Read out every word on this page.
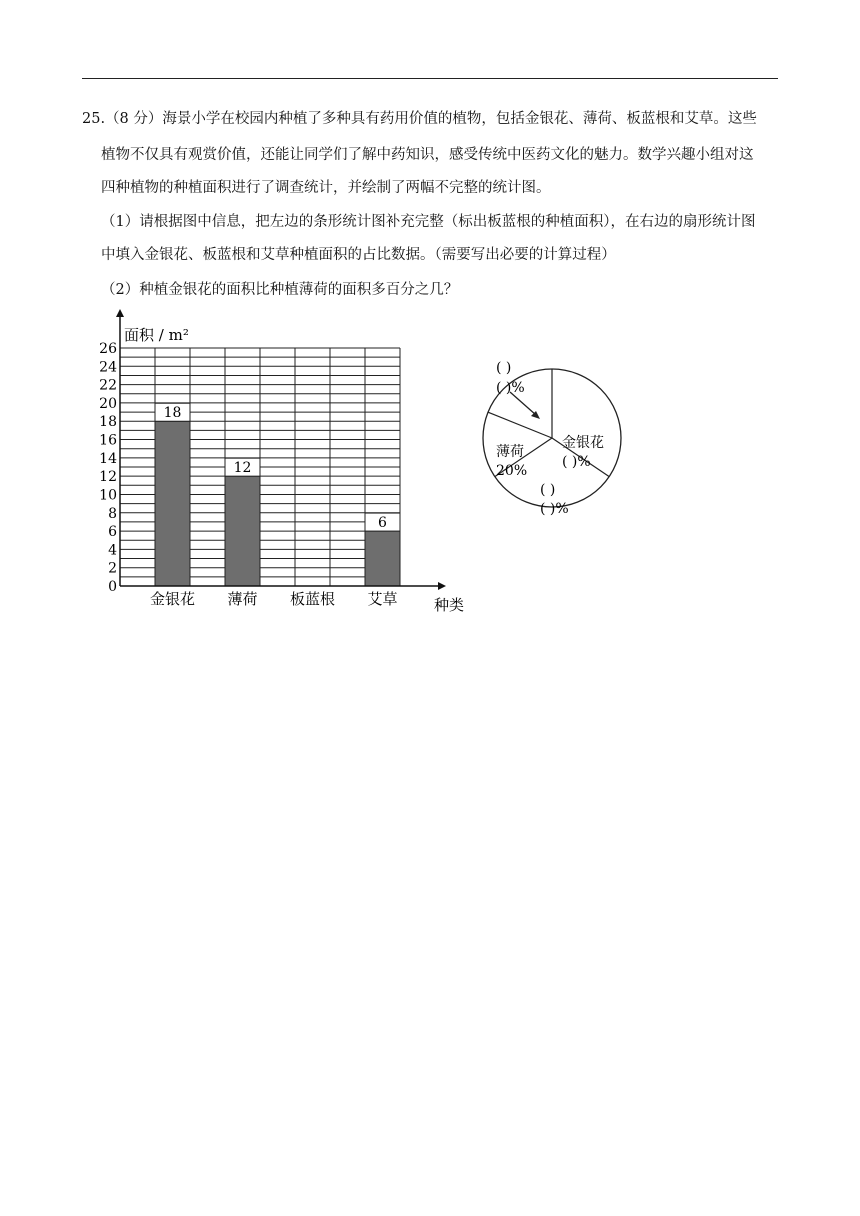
25.（8 分）海景小学在校园内种植了多种具有药用价值的植物，包括金银花、薄荷、板蓝根和艾草。这些
植物不仅具有观赏价值，还能让同学们了解中药知识，感受传统中医药文化的魅力。数学兴趣小组对这
四种植物的种植面积进行了调查统计，并绘制了两幅不完整的统计图。
（1）请根据图中信息，把左边的条形统计图补充完整（标出板蓝根的种植面积），在右边的扇形统计图
中填入金银花、板蓝根和艾草种植面积的占比数据。（需要写出必要的计算过程）
（2）种植金银花的面积比种植薄荷的面积多百分之几？
0
2
4
6
8
10
12
14
16
18
20
22
24
26
18
金银花
12
薄荷 板蓝根
6
艾草
面积 / m²
种类
金银花
( )%
( )
( )%
薄荷
20%
( )
( )%
